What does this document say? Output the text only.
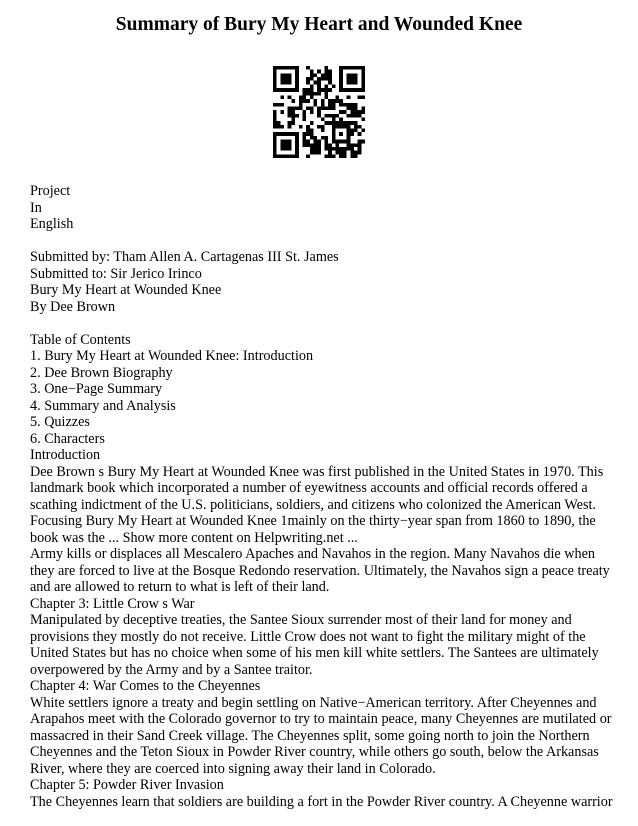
Summary of Bury My Heart and Wounded Knee
Project
In
English
Submitted by: Tham Allen A. Cartagenas III St. James
Submitted to: Sir Jerico Irinco
Bury My Heart at Wounded Knee
By Dee Brown
Table of Contents
1. Bury My Heart at Wounded Knee: Introduction
2. Dee Brown Biography
3. One−Page Summary
4. Summary and Analysis
5. Quizzes
6. Characters
Introduction
Dee Brown s Bury My Heart at Wounded Knee was first published in the United States in 1970. This
landmark book which incorporated a number of eyewitness accounts and official records offered a
scathing indictment of the U.S. politicians, soldiers, and citizens who colonized the American West.
Focusing Bury My Heart at Wounded Knee 1mainly on the thirty−year span from 1860 to 1890, the
book was the ... Show more content on Helpwriting.net ...
Army kills or displaces all Mescalero Apaches and Navahos in the region. Many Navahos die when
they are forced to live at the Bosque Redondo reservation. Ultimately, the Navahos sign a peace treaty
and are allowed to return to what is left of their land.
Chapter 3: Little Crow s War
Manipulated by deceptive treaties, the Santee Sioux surrender most of their land for money and
provisions they mostly do not receive. Little Crow does not want to fight the military might of the
United States but has no choice when some of his men kill white settlers. The Santees are ultimately
overpowered by the Army and by a Santee traitor.
Chapter 4: War Comes to the Cheyennes
White settlers ignore a treaty and begin settling on Native−American territory. After Cheyennes and
Arapahos meet with the Colorado governor to try to maintain peace, many Cheyennes are mutilated or
massacred in their Sand Creek village. The Cheyennes split, some going north to join the Northern
Cheyennes and the Teton Sioux in Powder River country, while others go south, below the Arkansas
River, where they are coerced into signing away their land in Colorado.
Chapter 5: Powder River Invasion
The Cheyennes learn that soldiers are building a fort in the Powder River country. A Cheyenne warrior
